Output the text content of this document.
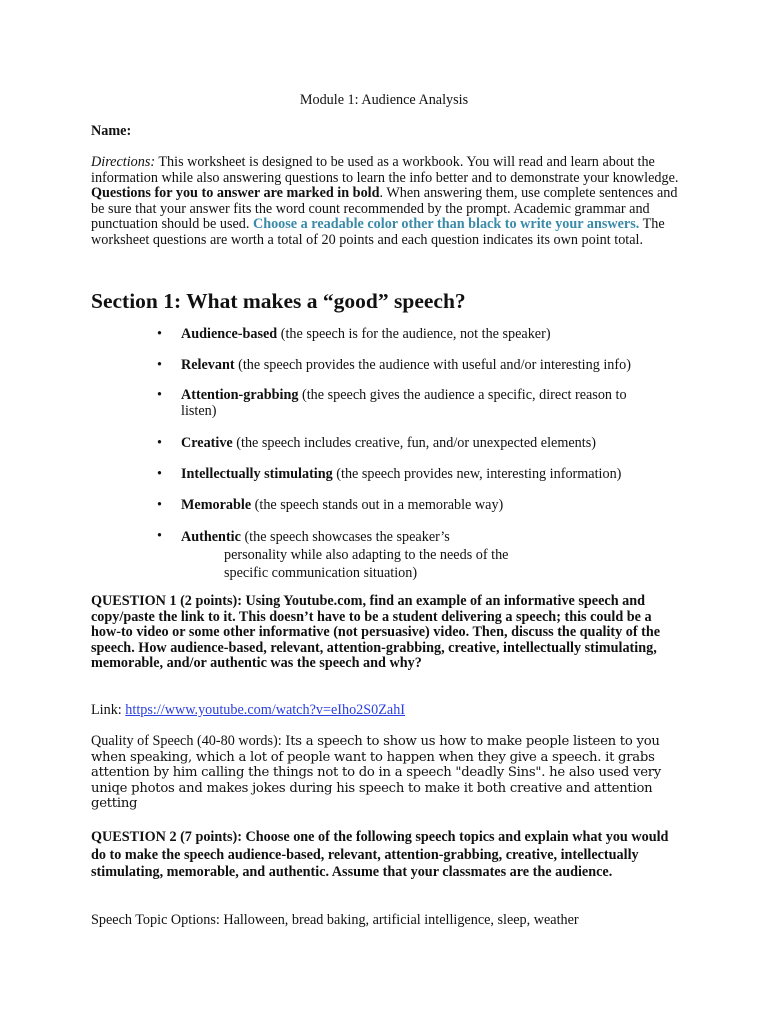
Module 1: Audience Analysis
Name:

Directions: This worksheet is designed to be used as a workbook. You will read and learn about the information while also answering questions to learn the info better and to demonstrate your knowledge. Questions for you to answer are marked in bold. When answering them, use complete sentences and be sure that your answer fits the word count recommended by the prompt. Academic grammar and punctuation should be used. Choose a readable color other than black to write your answers. The worksheet questions are worth a total of 20 points and each question indicates its own point total.

Section 1: What makes a “good” speech?
• Audience-based (the speech is for the audience, not the speaker)
• Relevant (the speech provides the audience with useful and/or interesting info)
• Attention-grabbing (the speech gives the audience a specific, direct reason to listen)
• Creative (the speech includes creative, fun, and/or unexpected elements)
• Intellectually stimulating (the speech provides new, interesting information)
• Memorable (the speech stands out in a memorable way)
• Authentic (the speech showcases the speaker’s
personality while also adapting to the needs of the
specific communication situation)

QUESTION 1 (2 points): Using Youtube.com, find an example of an informative speech and copy/paste the link to it. This doesn’t have to be a student delivering a speech; this could be a how-to video or some other informative (not persuasive) video. Then, discuss the quality of the speech. How audience-based, relevant, attention-grabbing, creative, intellectually stimulating, memorable, and/or authentic was the speech and why?

Link: https://www.youtube.com/watch?v=eIho2S0ZahI
Quality of Speech (40-80 words): Its a speech to show us how to make people listeen to you when speaking, which a lot of people want to happen when they give a speech. it grabs attention by him calling the things not to do in a speech "deadly Sins". he also used very uniqe photos and makes jokes during his speech to make it both creative and attention getting

QUESTION 2 (7 points): Choose one of the following speech topics and explain what you would do to make the speech audience-based, relevant, attention-grabbing, creative, intellectually stimulating, memorable, and authentic. Assume that your classmates are the audience.

Speech Topic Options: Halloween, bread baking, artificial intelligence, sleep, weather
